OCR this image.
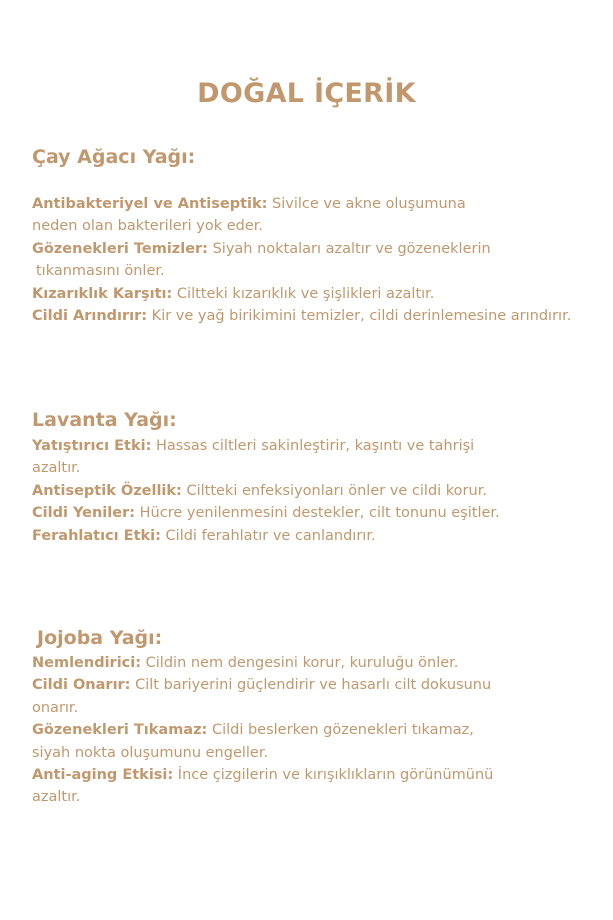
DOĞAL İÇERİK
Çay Ağacı Yağı:
Antibakteriyel ve Antiseptik: Sivilce ve akne oluşumuna
neden olan bakterileri yok eder.
Gözenekleri Temizler: Siyah noktaları azaltır ve gözeneklerin
tıkanmasını önler.
Kızarıklık Karşıtı: Ciltteki kızarıklık ve şişlikleri azaltır.
Cildi Arındırır: Kir ve yağ birikimini temizler, cildi derinlemesine arındırır.
Lavanta Yağı:
Yatıştırıcı Etki: Hassas ciltleri sakinleştirir, kaşıntı ve tahrişi
azaltır.
Antiseptik Özellik: Ciltteki enfeksiyonları önler ve cildi korur.
Cildi Yeniler: Hücre yenilenmesini destekler, cilt tonunu eşitler.
Ferahlatıcı Etki: Cildi ferahlatır ve canlandırır.
Jojoba Yağı:
Nemlendirici: Cildin nem dengesini korur, kuruluğu önler.
Cildi Onarır: Cilt bariyerini güçlendirir ve hasarlı cilt dokusunu
onarır.
Gözenekleri Tıkamaz: Cildi beslerken gözenekleri tıkamaz,
siyah nokta oluşumunu engeller.
Anti-aging Etkisi: İnce çizgilerin ve kırışıklıkların görünümünü
azaltır.
